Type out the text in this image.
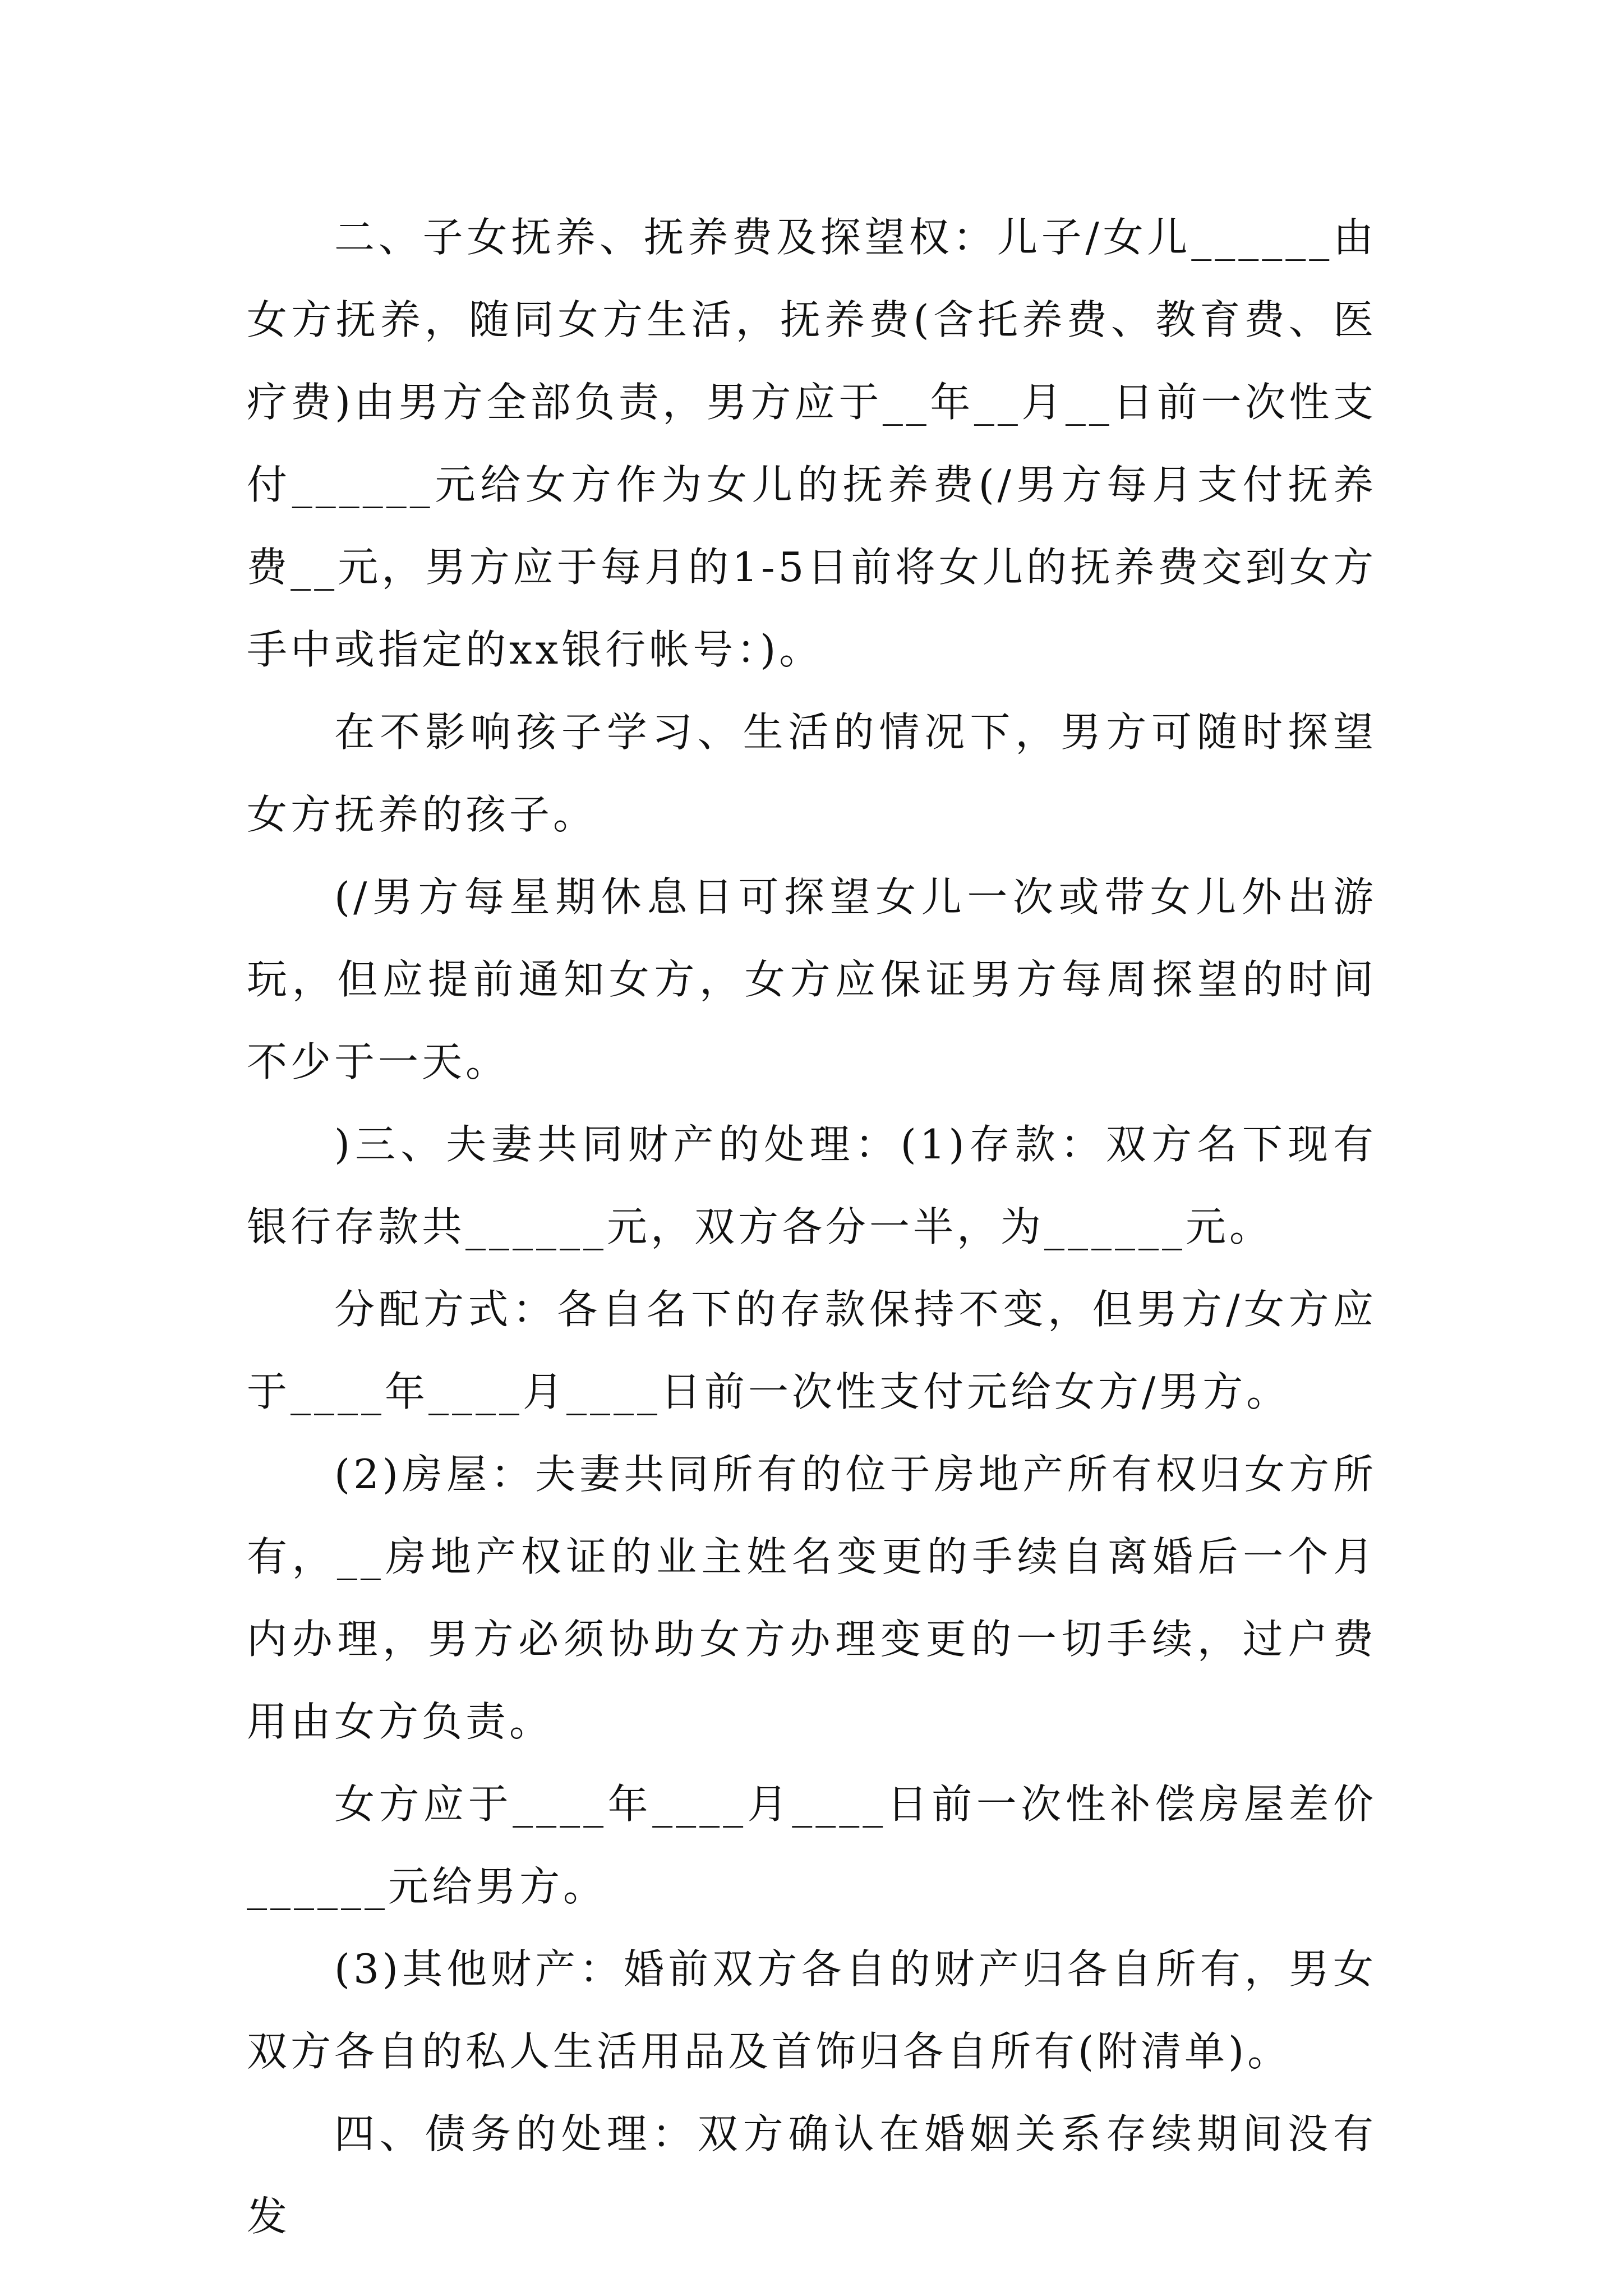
二、子女抚养、抚养费及探望权：儿子/女儿______由女方抚养，随同女方生活，抚养费(含托养费、教育费、医疗费)由男方全部负责，男方应于__年__月__日前一次性支付______元给女方作为女儿的抚养费(/男方每月支付抚养费__元，男方应于每月的1-5日前将女儿的抚养费交到女方手中或指定的xx银行帐号：)。

在不影响孩子学习、生活的情况下，男方可随时探望女方抚养的孩子。

(/男方每星期休息日可探望女儿一次或带女儿外出游玩，但应提前通知女方，女方应保证男方每周探望的时间不少于一天。

)三、夫妻共同财产的处理：(1)存款：双方名下现有银行存款共______元，双方各分一半，为______元。

分配方式：各自名下的存款保持不变，但男方/女方应于____年____月____日前一次性支付元给女方/男方。

(2)房屋：夫妻共同所有的位于房地产所有权归女方所有，__房地产权证的业主姓名变更的手续自离婚后一个月内办理，男方必须协助女方办理变更的一切手续，过户费用由女方负责。

女方应于____年____月____日前一次性补偿房屋差价______元给男方。

(3)其他财产：婚前双方各自的财产归各自所有，男女双方各自的私人生活用品及首饰归各自所有(附清单)。

四、债务的处理：双方确认在婚姻关系存续期间没有发
